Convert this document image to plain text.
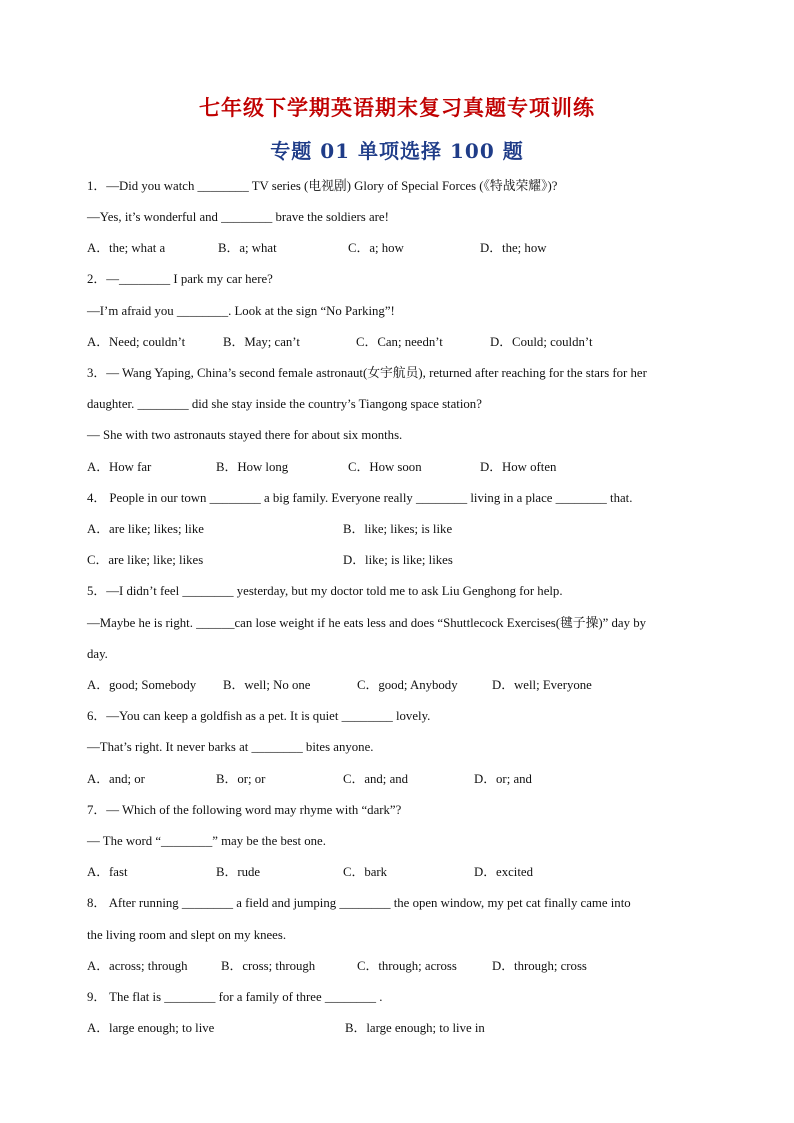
七年级下学期英语期末复习真题专项训练
专题 01 单项选择 100 题
1．—Did you watch ________ TV series (电视剧) Glory of Special Forces (《特战荣耀》)?
—Yes, it’s wonderful and ________ brave the soldiers are!
A．the; what a	B．a; what	C．a; how	D．the; how
2．—________ I park my car here?
—I’m afraid you ________. Look at the sign “No Parking”!
A．Need; couldn’t	B．May; can’t	C．Can; needn’t	D．Could; couldn’t
3．— Wang Yaping, China’s second female astronaut(女宇航员), returned after reaching for the stars for her
daughter. ________ did she stay inside the country’s Tiangong space station?
— She with two astronauts stayed there for about six months.
A．How far	B．How long	C．How soon	D．How often
4． People in our town ________ a big family. Everyone really ________ living in a place ________ that.
A．are like; likes; like	B．like; likes; is like
C．are like; like; likes	D．like; is like; likes
5．—I didn’t feel ________ yesterday, but my doctor told me to ask Liu Genghong for help.
—Maybe he is right. ______can lose weight if he eats less and does “Shuttlecock Exercises(毽子操)” day by
day.
A．good; Somebody B．well; No one	C．good; Anybody	D．well; Everyone
6．—You can keep a goldfish as a pet. It is quiet ________ lovely.
—That’s right. It never barks at ________ bites anyone.
A．and; or	B．or; or	C．and; and	D．or; and
7．— Which of the following word may rhyme with “dark”?
— The word “________” may be the best one.
A．fast	B．rude	C．bark	D．excited
8． After running ________ a field and jumping ________ the open window, my pet cat finally came into
the living room and slept on my knees.
A．across; through	B．cross; through	C．through; across	D．through; cross
9． The flat is ________ for a family of three ________ .
A．large enough; to live	B．large enough; to live in
